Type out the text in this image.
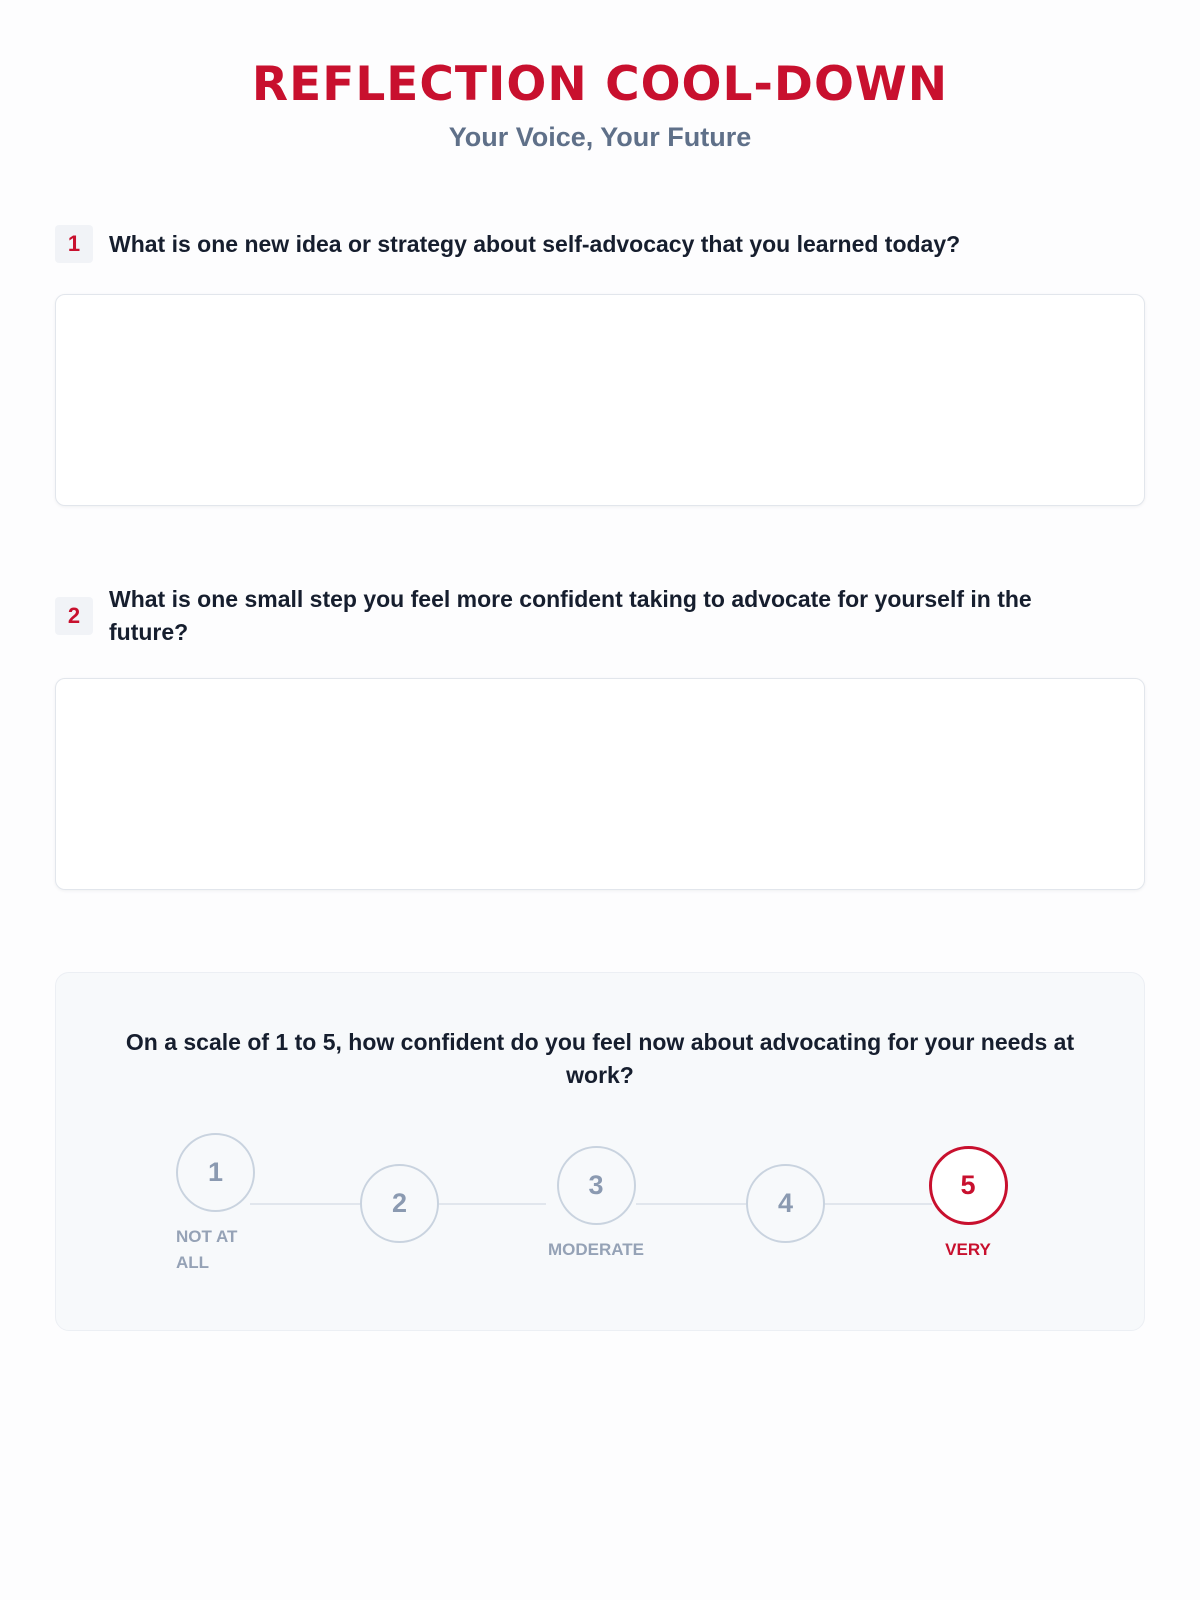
REFLECTION COOL-DOWN
Your Voice, Your Future
1	What is one new idea or strategy about self-advocacy that you learned today?
2
What is one small step you feel more confident taking to advocate for yourself in the future?
On a scale of 1 to 5, how confident do you feel now about advocating for your needs at work?
1
NOT AT ALL
2
3
MODERATE
4
5
VERY
